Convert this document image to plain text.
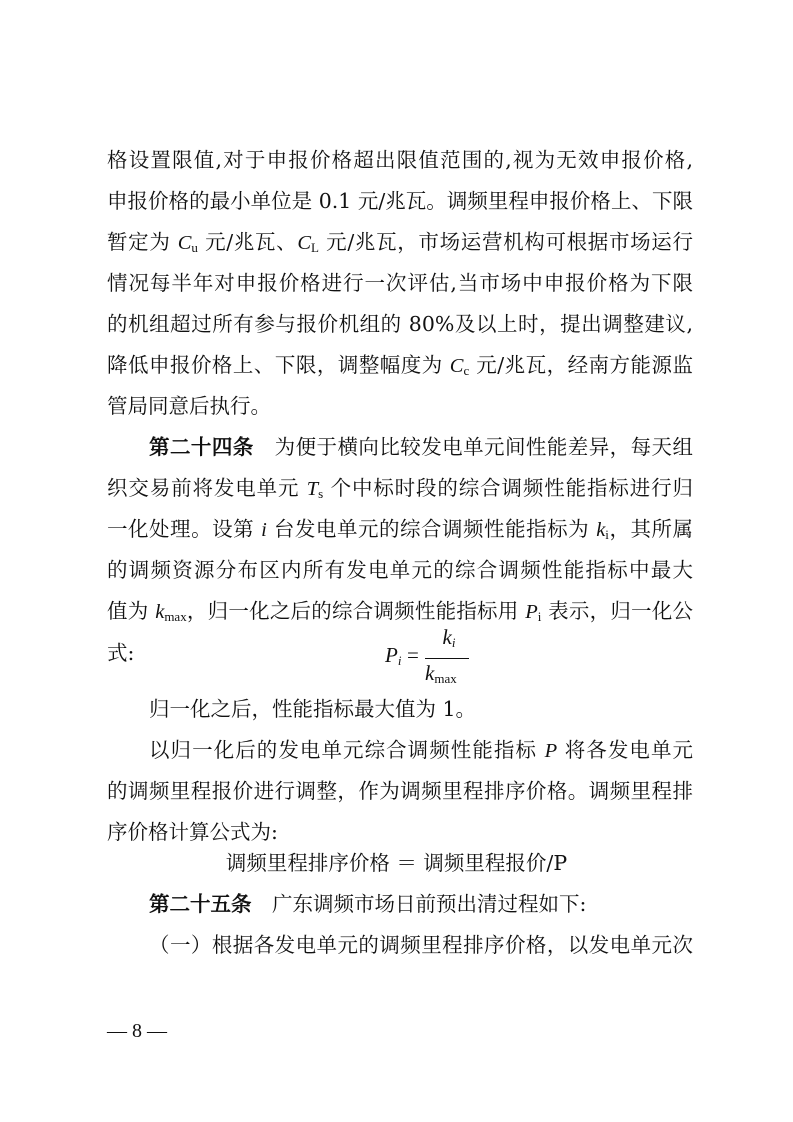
格设置限值,对于申报价格超出限值范围的,视为无效申报价格,
申报价格的最小单位是 0.1 元/兆瓦。调频里程申报价格上、下限
暂定为 $C_u$ 元/兆瓦、$C_L$ 元/兆瓦，市场运营机构可根据市场运行
情况每半年对申报价格进行一次评估,当市场中申报价格为下限
的机组超过所有参与报价机组的 80%及以上时，提出调整建议,
降低申报价格上、下限，调整幅度为 $C_c$ 元/兆瓦，经南方能源监
管局同意后执行。
第二十四条  为便于横向比较发电单元间性能差异，每天组
织交易前将发电单元 $T_s$ 个中标时段的综合调频性能指标进行归
一化处理。设第 i 台发电单元的综合调频性能指标为 $k_i$，其所属
的调频资源分布区内所有发电单元的综合调频性能指标中最大
值为 $k_{max}$，归一化之后的综合调频性能指标用 $P_i$ 表示，归一化公
$P_i$ =
$k_i$
$k_{max}$
归一化之后，性能指标最大值为 1。
以归一化后的发电单元综合调频性能指标 P 将各发电单元
的调频里程报价进行调整，作为调频里程排序价格。调频里程排
序价格计算公式为:
调频里程排序价格 ＝ 调频里程报价/P
第二十五条  广东调频市场日前预出清过程如下:
（一）根据各发电单元的调频里程排序价格，以发电单元次
— 8 —
式:
